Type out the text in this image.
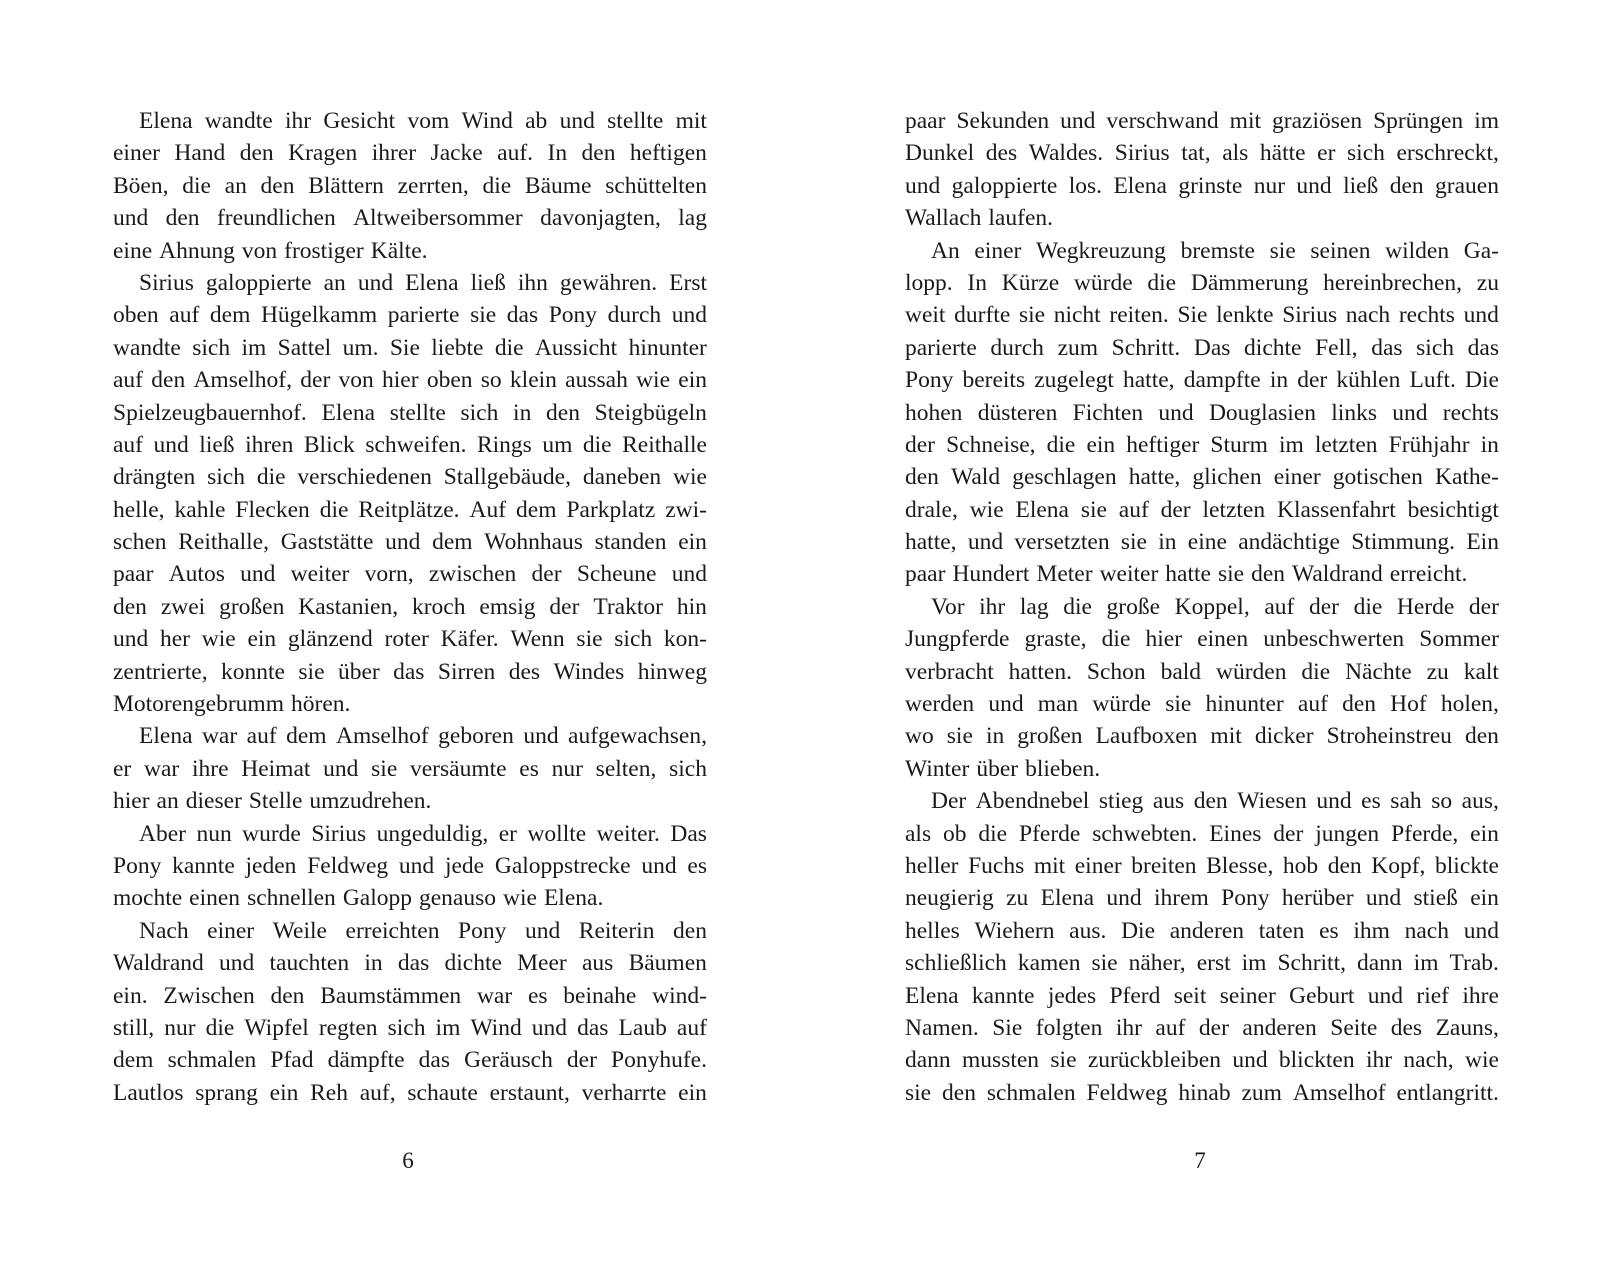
Elena wandte ihr Gesicht vom Wind ab und stellte mit
einer Hand den Kragen ihrer Jacke auf. In den heftigen
Böen, die an den Blättern zerrten, die Bäume schüttelten
und den freundlichen Altweibersommer davonjagten, lag
eine Ahnung von frostiger Kälte.
Sirius galoppierte an und Elena ließ ihn gewähren. Erst
oben auf dem Hügelkamm parierte sie das Pony durch und
wandte sich im Sattel um. Sie liebte die Aussicht hinunter
auf den Amselhof, der von hier oben so klein aussah wie ein
Spielzeugbauernhof. Elena stellte sich in den Steigbügeln
auf und ließ ihren Blick schweifen. Rings um die Reithalle
drängten sich die verschiedenen Stallgebäude, daneben wie
helle, kahle Flecken die Reitplätze. Auf dem Parkplatz zwi-
schen Reithalle, Gaststätte und dem Wohnhaus standen ein
paar Autos und weiter vorn, zwischen der Scheune und
den zwei großen Kastanien, kroch emsig der Traktor hin
und her wie ein glänzend roter Käfer. Wenn sie sich kon-
zentrierte, konnte sie über das Sirren des Windes hinweg
Motorengebrumm hören.
Elena war auf dem Amselhof geboren und aufgewachsen,
er war ihre Heimat und sie versäumte es nur selten, sich
hier an dieser Stelle umzudrehen.
Aber nun wurde Sirius ungeduldig, er wollte weiter. Das
Pony kannte jeden Feldweg und jede Galoppstrecke und es
mochte einen schnellen Galopp genauso wie Elena.
Nach einer Weile erreichten Pony und Reiterin den
Waldrand und tauchten in das dichte Meer aus Bäumen
ein. Zwischen den Baumstämmen war es beinahe wind-
still, nur die Wipfel regten sich im Wind und das Laub auf
dem schmalen Pfad dämpfte das Geräusch der Ponyhufe.
Lautlos sprang ein Reh auf, schaute erstaunt, verharrte ein
paar Sekunden und verschwand mit graziösen Sprüngen im
Dunkel des Waldes. Sirius tat, als hätte er sich erschreckt,
und galoppierte los. Elena grinste nur und ließ den grauen
Wallach laufen.
An einer Wegkreuzung bremste sie seinen wilden Ga-
lopp. In Kürze würde die Dämmerung hereinbrechen, zu
weit durfte sie nicht reiten. Sie lenkte Sirius nach rechts und
parierte durch zum Schritt. Das dichte Fell, das sich das
Pony bereits zugelegt hatte, dampfte in der kühlen Luft. Die
hohen düsteren Fichten und Douglasien links und rechts
der Schneise, die ein heftiger Sturm im letzten Frühjahr in
den Wald geschlagen hatte, glichen einer gotischen Kathe-
drale, wie Elena sie auf der letzten Klassenfahrt besichtigt
hatte, und versetzten sie in eine andächtige Stimmung. Ein
paar Hundert Meter weiter hatte sie den Waldrand erreicht.
Vor ihr lag die große Koppel, auf der die Herde der
Jungpferde graste, die hier einen unbeschwerten Sommer
verbracht hatten. Schon bald würden die Nächte zu kalt
werden und man würde sie hinunter auf den Hof holen,
wo sie in großen Laufboxen mit dicker Stroheinstreu den
Winter über blieben.
Der Abendnebel stieg aus den Wiesen und es sah so aus,
als ob die Pferde schwebten. Eines der jungen Pferde, ein
heller Fuchs mit einer breiten Blesse, hob den Kopf, blickte
neugierig zu Elena und ihrem Pony herüber und stieß ein
helles Wiehern aus. Die anderen taten es ihm nach und
schließlich kamen sie näher, erst im Schritt, dann im Trab.
Elena kannte jedes Pferd seit seiner Geburt und rief ihre
Namen. Sie folgten ihr auf der anderen Seite des Zauns,
dann mussten sie zurückbleiben und blickten ihr nach, wie
sie den schmalen Feldweg hinab zum Amselhof entlangritt.
6	7
